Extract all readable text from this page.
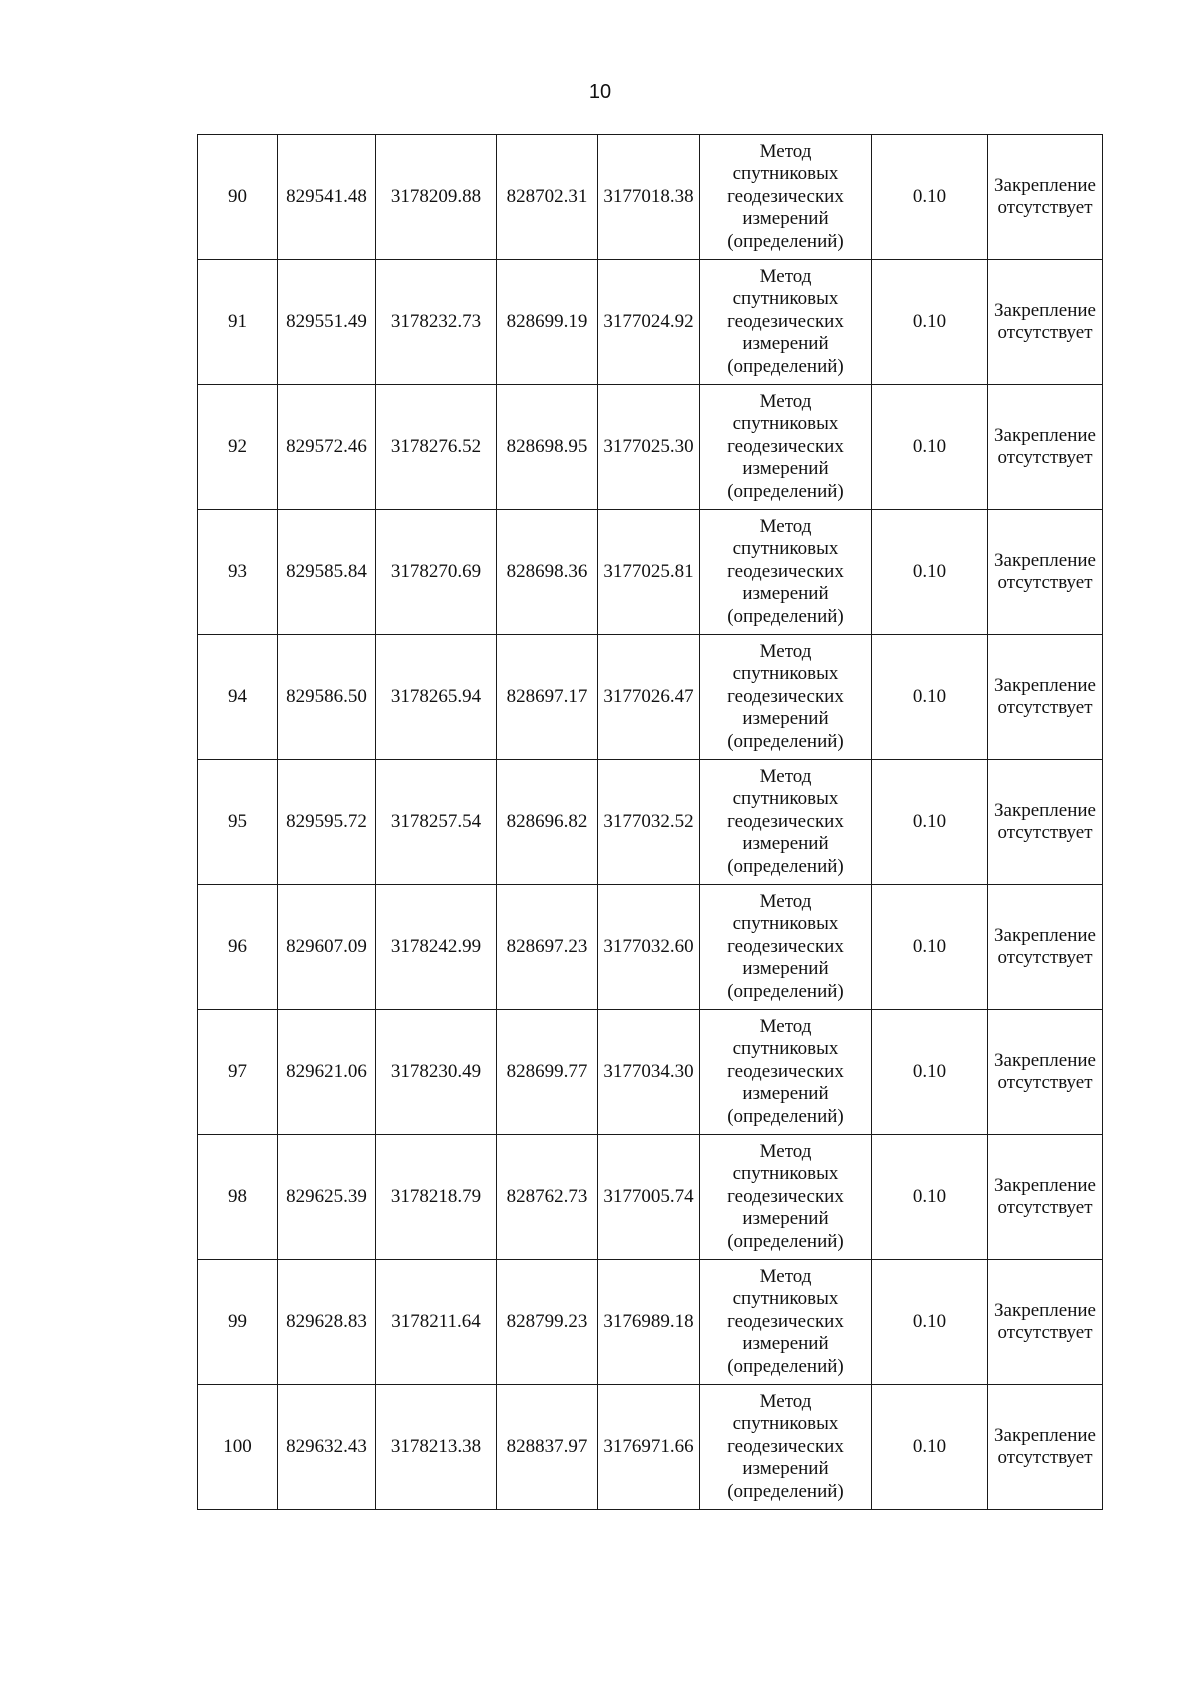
10
90	829541.48	3178209.88	828702.31	3177018.38	Метод
спутниковых
геодезических
измерений
(определений)	0.10	Закрепление
отсутствует

91	829551.49	3178232.73	828699.19	3177024.92	Метод
спутниковых
геодезических
измерений
(определений)	0.10	Закрепление
отсутствует

92	829572.46	3178276.52	828698.95	3177025.30	Метод
спутниковых
геодезических
измерений
(определений)	0.10	Закрепление
отсутствует

93	829585.84	3178270.69	828698.36	3177025.81	Метод
спутниковых
геодезических
измерений
(определений)	0.10	Закрепление
отсутствует

94	829586.50	3178265.94	828697.17	3177026.47	Метод
спутниковых
геодезических
измерений
(определений)	0.10	Закрепление
отсутствует

95	829595.72	3178257.54	828696.82	3177032.52	Метод
спутниковых
геодезических
измерений
(определений)	0.10	Закрепление
отсутствует

96	829607.09	3178242.99	828697.23	3177032.60	Метод
спутниковых
геодезических
измерений
(определений)	0.10	Закрепление
отсутствует

97	829621.06	3178230.49	828699.77	3177034.30	Метод
спутниковых
геодезических
измерений
(определений)	0.10	Закрепление
отсутствует

98	829625.39	3178218.79	828762.73	3177005.74	Метод
спутниковых
геодезических
измерений
(определений)	0.10	Закрепление
отсутствует

99	829628.83	3178211.64	828799.23	3176989.18	Метод
спутниковых
геодезических
измерений
(определений)	0.10	Закрепление
отсутствует

100	829632.43	3178213.38	828837.97	3176971.66	Метод
спутниковых
геодезических
измерений
(определений)	0.10	Закрепление
отсутствует
